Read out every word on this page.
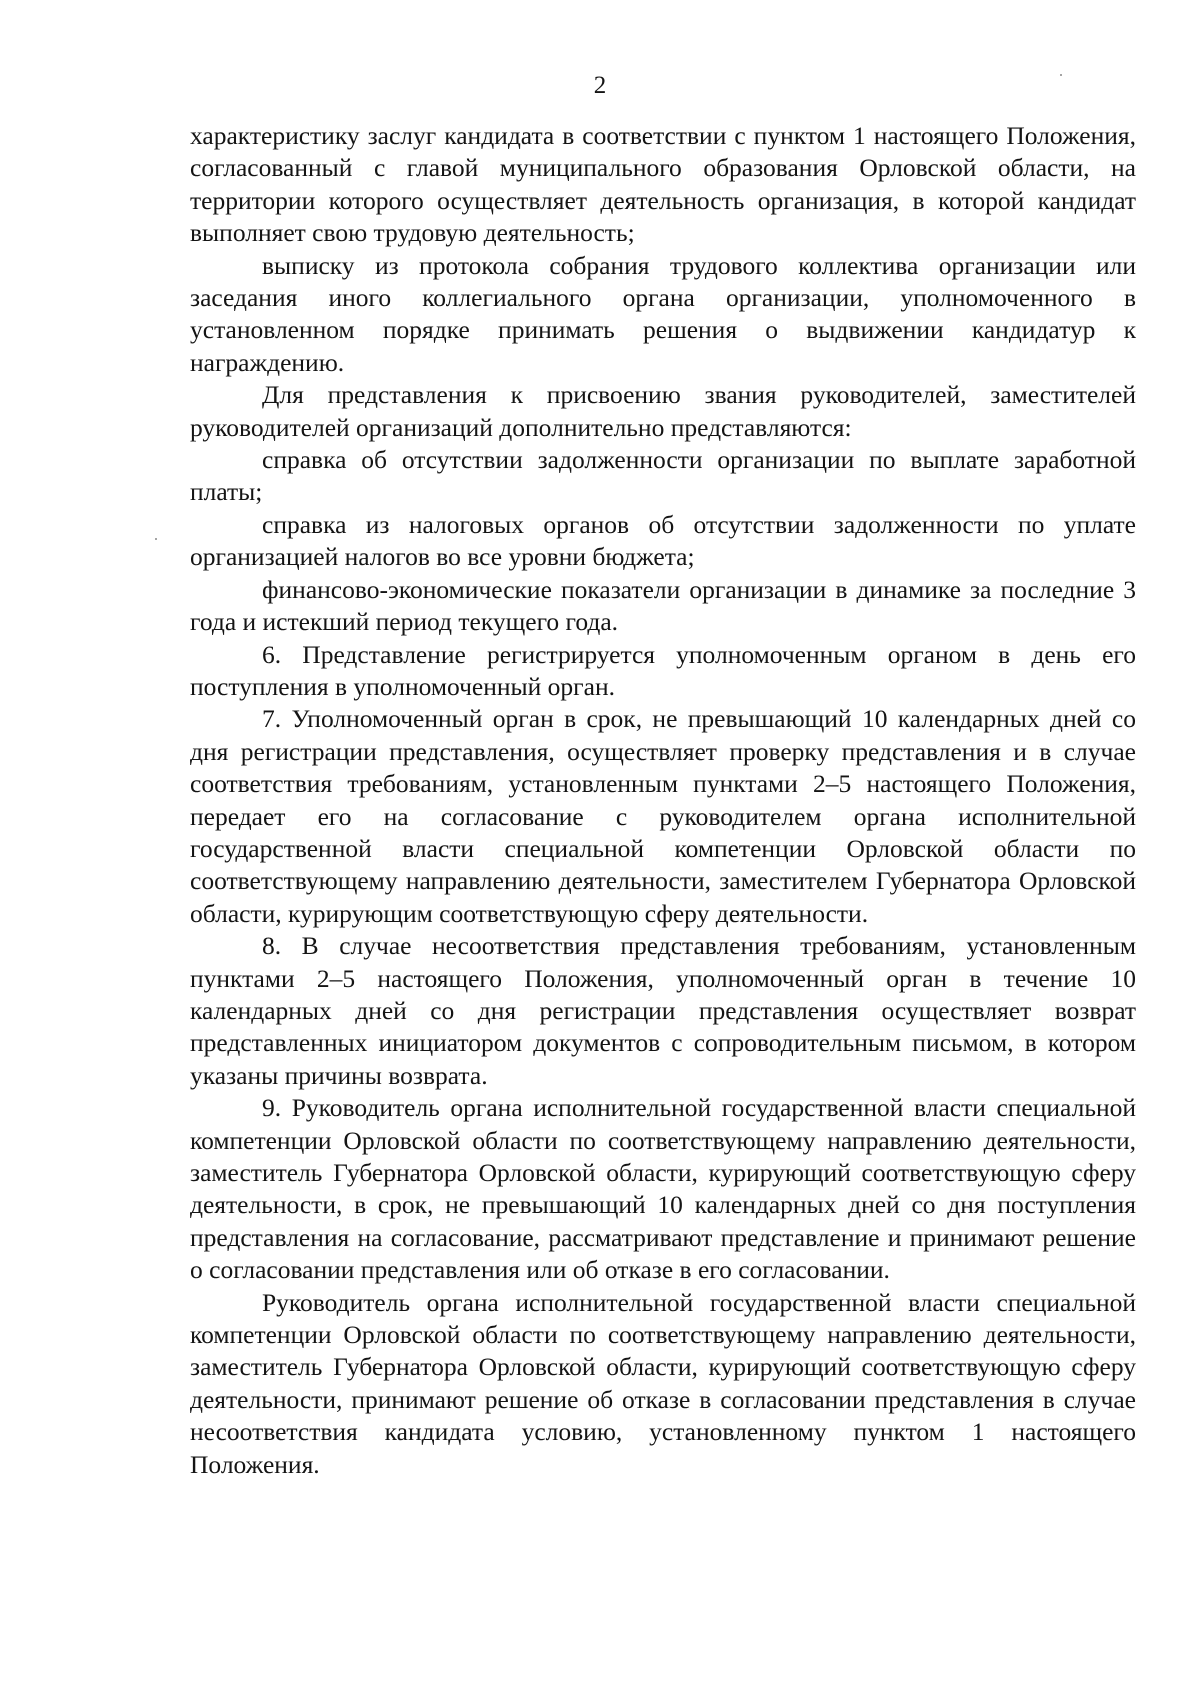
2

характеристику заслуг кандидата в соответствии с пунктом 1 настоящего Положения, согласованный с главой муниципального образования Орловской области, на территории которого осуществляет деятельность организация, в которой кандидат выполняет свою трудовую деятельность;

выписку из протокола собрания трудового коллектива организации или заседания иного коллегиального органа организации, уполномоченного в установленном порядке принимать решения о выдвижении кандидатур к награждению.

Для представления к присвоению звания руководителей, заместителей руководителей организаций дополнительно представляются:

справка об отсутствии задолженности организации по выплате заработной платы;

справка из налоговых органов об отсутствии задолженности по уплате организацией налогов во все уровни бюджета;

финансово-экономические показатели организации в динамике за последние 3 года и истекший период текущего года.

6. Представление регистрируется уполномоченным органом в день его поступления в уполномоченный орган.

7. Уполномоченный орган в срок, не превышающий 10 календарных дней со дня регистрации представления, осуществляет проверку представления и в случае соответствия требованиям, установленным пунктами 2–5 настоящего Положения, передает его на согласование с руководителем органа исполнительной государственной власти специальной компетенции Орловской области по соответствующему направлению деятельности, заместителем Губернатора Орловской области, курирующим соответствующую сферу деятельности.

8. В случае несоответствия представления требованиям, установленным пунктами 2–5 настоящего Положения, уполномоченный орган в течение 10 календарных дней со дня регистрации представления осуществляет возврат представленных инициатором документов с сопроводительным письмом, в котором указаны причины возврата.

9. Руководитель органа исполнительной государственной власти специальной компетенции Орловской области по соответствующему направлению деятельности, заместитель Губернатора Орловской области, курирующий соответствующую сферу деятельности, в срок, не превышающий 10 календарных дней со дня поступления представления на согласование, рассматривают представление и принимают решение о согласовании представления или об отказе в его согласовании.

Руководитель органа исполнительной государственной власти специальной компетенции Орловской области по соответствующему направлению деятельности, заместитель Губернатора Орловской области, курирующий соответствующую сферу деятельности, принимают решение об отказе в согласовании представления в случае несоответствия кандидата условию, установленному пунктом 1 настоящего Положения.
